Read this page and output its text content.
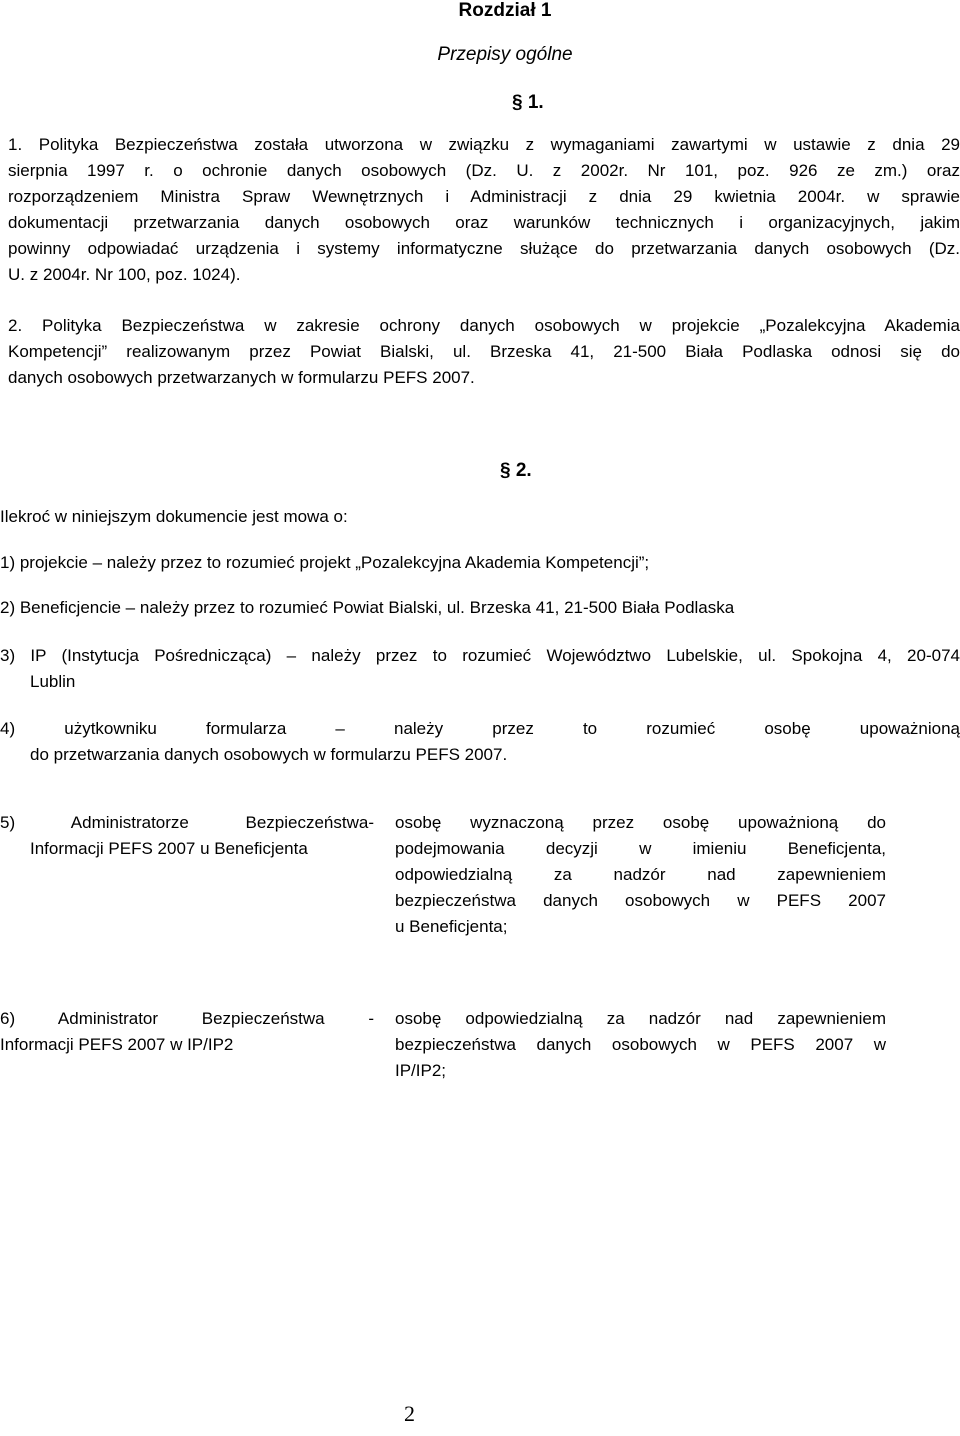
Rozdział 1
Przepisy ogólne
§ 1.
1. Polityka Bezpieczeństwa została utworzona w związku z wymaganiami zawartymi w ustawie z dnia 29
sierpnia 1997 r. o ochronie danych osobowych (Dz. U. z 2002r. Nr 101, poz. 926 ze zm.) oraz
rozporządzeniem Ministra Spraw Wewnętrznych i Administracji z dnia 29 kwietnia 2004r. w sprawie
dokumentacji przetwarzania danych osobowych oraz warunków technicznych i organizacyjnych, jakim
powinny odpowiadać urządzenia i systemy informatyczne służące do przetwarzania danych osobowych (Dz.
U. z 2004r. Nr 100, poz. 1024).
2. Polityka Bezpieczeństwa w zakresie ochrony danych osobowych w projekcie „Pozalekcyjna Akademia
Kompetencji” realizowanym przez Powiat Bialski, ul. Brzeska 41, 21-500 Biała Podlaska odnosi się do
danych osobowych przetwarzanych w formularzu PEFS 2007.
§ 2.
Ilekroć w niniejszym dokumencie jest mowa o:
1) projekcie – należy przez to rozumieć projekt „Pozalekcyjna Akademia Kompetencji”;
2) Beneficjencie – należy przez to rozumieć Powiat Bialski, ul. Brzeska 41, 21-500 Biała Podlaska
3) IP (Instytucja Pośrednicząca) – należy przez to rozumieć Województwo Lubelskie, ul. Spokojna 4, 20-074
Lublin
4) użytkowniku formularza – należy przez to rozumieć osobę upoważnioną
do przetwarzania danych osobowych w formularzu PEFS 2007.
5) Administratorze Bezpieczeństwa-
Informacji PEFS 2007 u Beneficjenta
osobę wyznaczoną przez osobę upoważnioną do
podejmowania decyzji w imieniu Beneficjenta,
odpowiedzialną za nadzór nad zapewnieniem
bezpieczeństwa danych osobowych w PEFS 2007
u Beneficjenta;
6) Administrator Bezpieczeństwa -
Informacji PEFS 2007 w IP/IP2
osobę odpowiedzialną za nadzór nad zapewnieniem
bezpieczeństwa danych osobowych w PEFS 2007 w
IP/IP2;
2
